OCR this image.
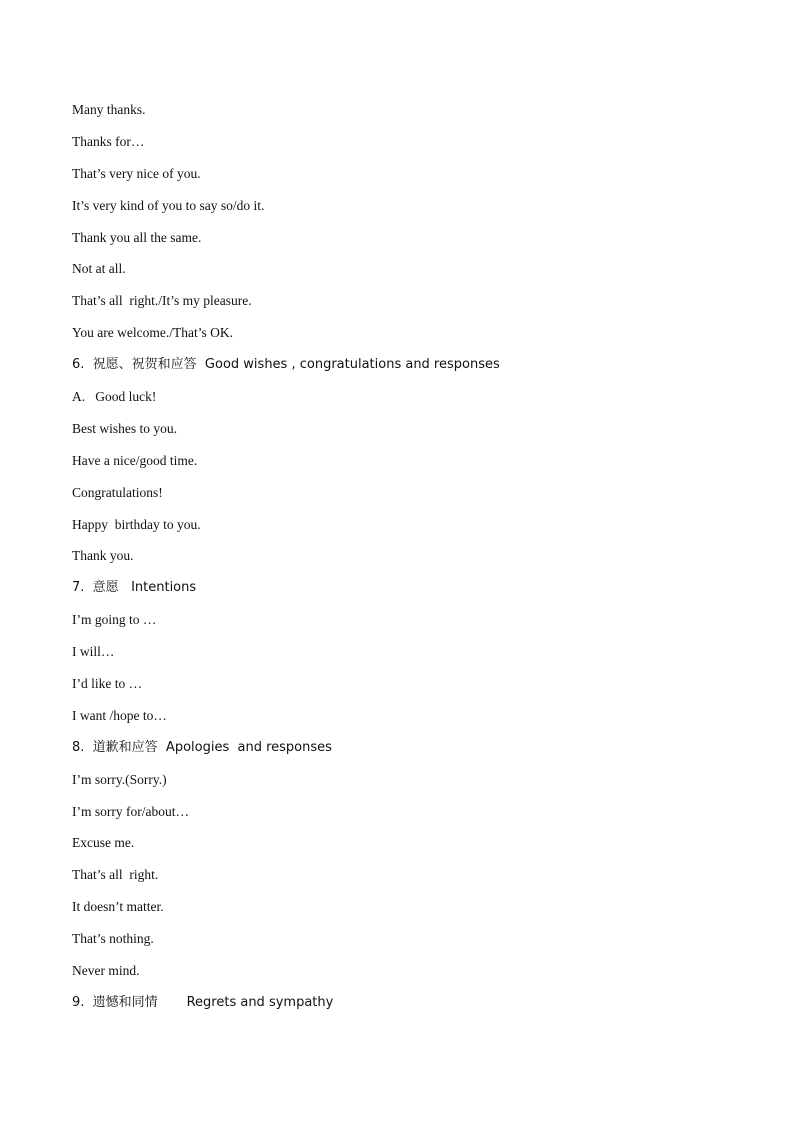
Many thanks.
Thanks for…
That’s very nice of you.
It’s very kind of you to say so/do it.
Thank you all the same.
Not at all.
That’s all  right./It’s my pleasure.
You are welcome./That’s OK.
6.  祝愿、祝贺和应答  Good wishes , congratulations and responses
A.   Good luck!
Best wishes to you.
Have a nice/good time.
Congratulations!
Happy  birthday to you.
Thank you.
7.  意愿   Intentions
I’m going to …
I will…
I’d like to …
I want /hope to…
8.  道歉和应答  Apologies  and responses
I’m sorry.(Sorry.)
I’m sorry for/about…
Excuse me.
That’s all  right.
It doesn’t matter.
That’s nothing.
Never mind.
9.  遗憾和同情       Regrets and sympathy
